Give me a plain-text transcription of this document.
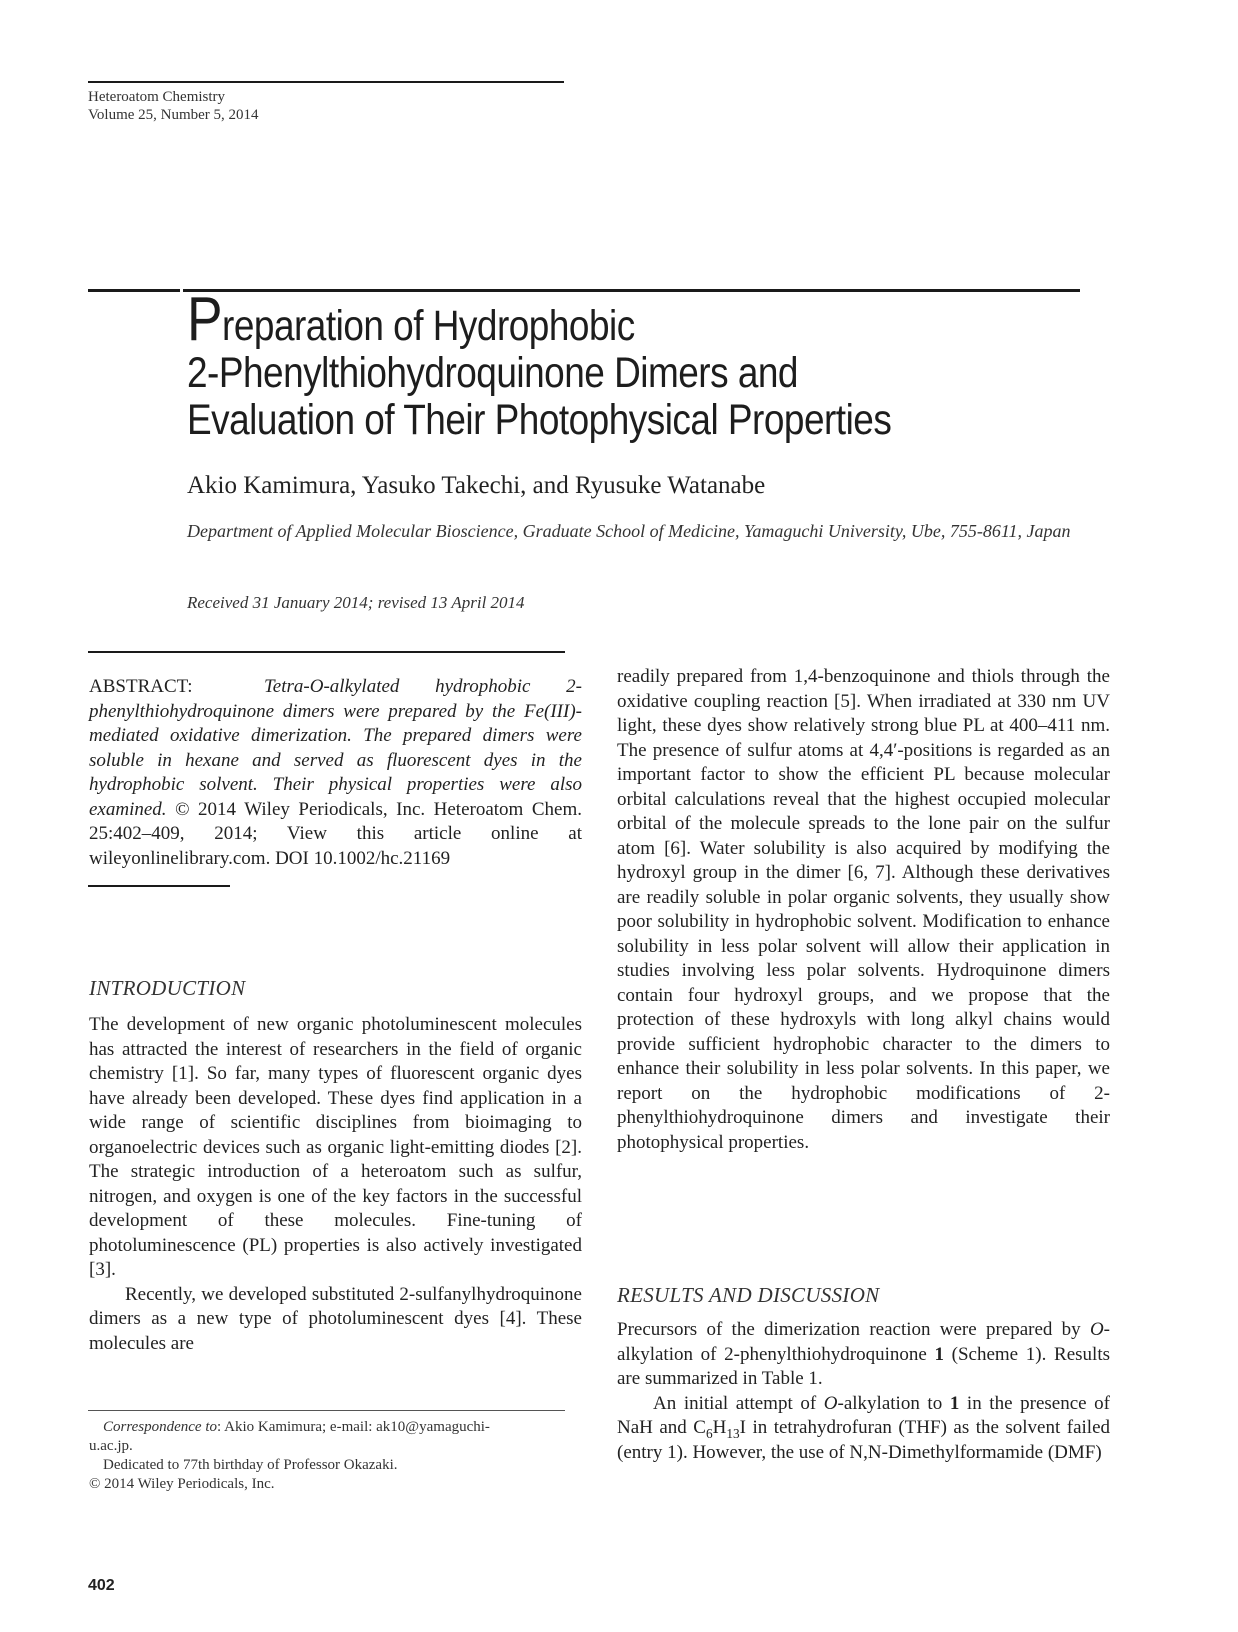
Heteroatom Chemistry
Volume 25, Number 5, 2014
Preparation of Hydrophobic
2-Phenylthiohydroquinone Dimers and
Evaluation of Their Photophysical Properties
Akio Kamimura, Yasuko Takechi, and Ryusuke Watanabe
Department of Applied Molecular Bioscience, Graduate School of Medicine, Yamaguchi University, Ube, 755-8611, Japan
Received 31 January 2014; revised 13 April 2014

ABSTRACT:	Tetra-O-alkylated hydrophobic 2-phenylthiohydroquinone dimers were prepared by the Fe(III)-mediated oxidative dimerization. The prepared dimers were soluble in hexane and served as fluorescent dyes in the hydrophobic solvent. Their physical properties were also examined. © 2014 Wiley Periodicals, Inc. Heteroatom Chem. 25:402–409, 2014; View this article online at wileyonlinelibrary.com. DOI 10.1002/hc.21169

INTRODUCTION

The development of new organic photoluminescent molecules has attracted the interest of researchers in the field of organic chemistry [1]. So far, many types of fluorescent organic dyes have already been developed. These dyes find application in a wide range of scientific disciplines from bioimaging to organoelectric devices such as organic light-emitting diodes [2]. The strategic introduction of a heteroatom such as sulfur, nitrogen, and oxygen is one of the key factors in the successful development of these molecules. Fine-tuning of photoluminescence (PL) properties is also actively investigated [3].

Recently, we developed substituted 2-sulfanylhydroquinone dimers as a new type of photoluminescent dyes [4]. These molecules are

readily prepared from 1,4-benzoquinone and thiols through the oxidative coupling reaction [5]. When irradiated at 330 nm UV light, these dyes show relatively strong blue PL at 400–411 nm. The presence of sulfur atoms at 4,4′-positions is regarded as an important factor to show the efficient PL because molecular orbital calculations reveal that the highest occupied molecular orbital of the molecule spreads to the lone pair on the sulfur atom [6]. Water solubility is also acquired by modifying the hydroxyl group in the dimer [6, 7]. Although these derivatives are readily soluble in polar organic solvents, they usually show poor solubility in hydrophobic solvent. Modification to enhance solubility in less polar solvent will allow their application in studies involving less polar solvents. Hydroquinone dimers contain four hydroxyl groups, and we propose that the protection of these hydroxyls with long alkyl chains would provide sufficient hydrophobic character to the dimers to enhance their solubility in less polar solvents. In this paper, we report on the hydrophobic modifications of 2-phenylthiohydroquinone dimers and investigate their photophysical properties.

RESULTS AND DISCUSSION

Precursors of the dimerization reaction were prepared by O-alkylation of 2-phenylthiohydroquinone 1 (Scheme 1). Results are summarized in Table 1.

An initial attempt of O-alkylation to 1 in the presence of NaH and $C_6H_{13}I$ in tetrahydrofuran (THF) as the solvent failed (entry 1). However, the use of N,N-Dimethylformamide (DMF)

Correspondence to: Akio Kamimura; e-mail: ak10@yamaguchi-
u.ac.jp.
Dedicated to 77th birthday of Professor Okazaki.
© 2014 Wiley Periodicals, Inc.
402
